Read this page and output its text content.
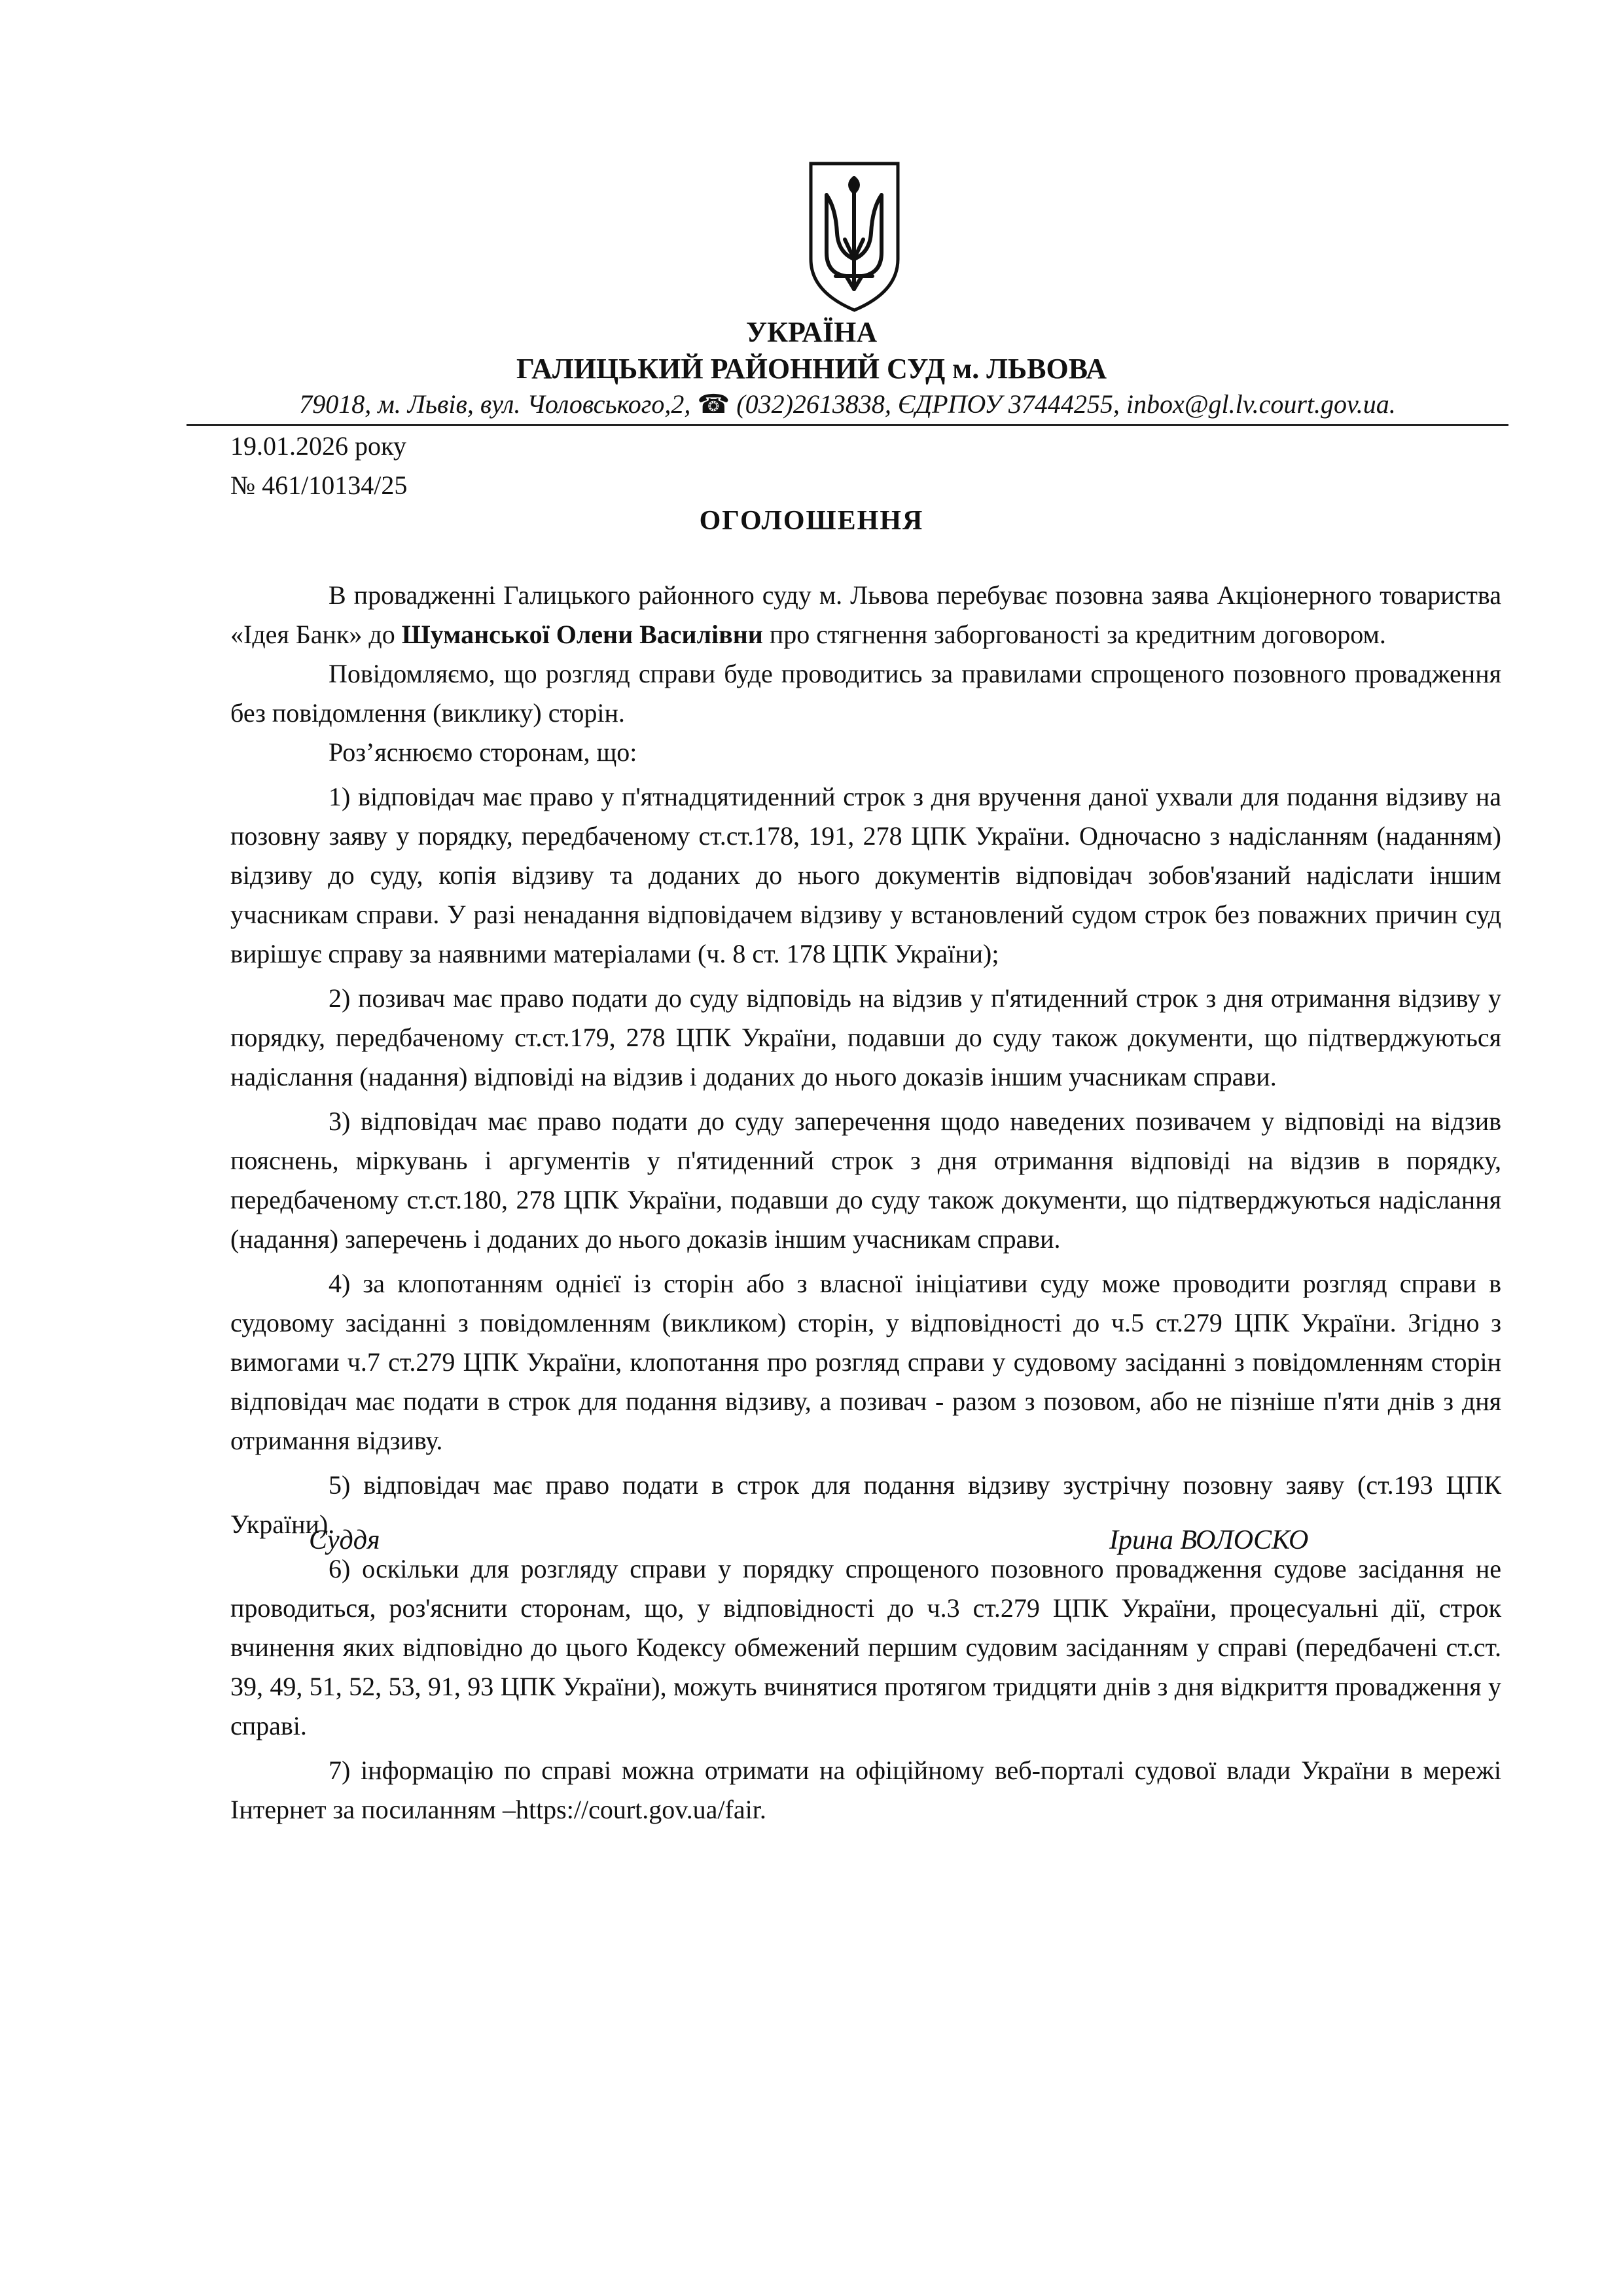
УКРАЇНА
ГАЛИЦЬКИЙ РАЙОННИЙ СУД м. ЛЬВОВА
79018, м. Львів, вул. Чоловського,2, ☎ (032)2613838, ЄДРПОУ 37444255, inbox@gl.lv.court.gov.ua.
19.01.2026 року
№ 461/10134/25
ОГОЛОШЕННЯ

В провадженні Галицького районного суду м. Львова перебуває позовна заява Акціонерного товариства «Ідея Банк» до Шуманської Олени Василівни про стягнення заборгованості за кредитним договором.

Повідомляємо, що розгляд справи буде проводитись за правилами спрощеного позовного провадження без повідомлення (виклику) сторін.

Роз’яснюємо сторонам, що:

1) відповідач має право у п'ятнадцятиденний строк з дня вручення даної ухвали для подання відзиву на позовну заяву у порядку, передбаченому ст.ст.178, 191, 278 ЦПК України. Одночасно з надісланням (наданням) відзиву до суду, копія відзиву та доданих до нього документів відповідач зобов'язаний надіслати іншим учасникам справи. У разі ненадання відповідачем відзиву у встановлений судом строк без поважних причин суд вирішує справу за наявними матеріалами (ч. 8 ст. 178 ЦПК України);

2) позивач має право подати до суду відповідь на відзив у п'ятиденний строк з дня отримання відзиву у порядку, передбаченому ст.ст.179, 278 ЦПК України, подавши до суду також документи, що підтверджуються надіслання (надання) відповіді на відзив і доданих до нього доказів іншим учасникам справи.

3) відповідач має право подати до суду заперечення щодо наведених позивачем у відповіді на відзив пояснень, міркувань і аргументів у п'ятиденний строк з дня отримання відповіді на відзив в порядку, передбаченому ст.ст.180, 278 ЦПК України, подавши до суду також документи, що підтверджуються надіслання (надання) заперечень і доданих до нього доказів іншим учасникам справи.

4) за клопотанням однієї із сторін або з власної ініціативи суду може проводити розгляд справи в судовому засіданні з повідомленням (викликом) сторін, у відповідності до ч.5 ст.279 ЦПК України. Згідно з вимогами ч.7 ст.279 ЦПК України, клопотання про розгляд справи у судовому засіданні з повідомленням сторін відповідач має подати в строк для подання відзиву, а позивач - разом з позовом, або не пізніше п'яти днів з дня отримання відзиву.

5) відповідач має право подати в строк для подання відзиву зустрічну позовну заяву (ст.193 ЦПК України).

6) оскільки для розгляду справи у порядку спрощеного позовного провадження судове засідання не проводиться, роз'яснити сторонам, що, у відповідності до ч.3 ст.279 ЦПК України, процесуальні дії, строк вчинення яких відповідно до цього Кодексу обмежений першим судовим засіданням у справі (передбачені ст.ст. 39, 49, 51, 52, 53, 91, 93 ЦПК України), можуть вчинятися протягом тридцяти днів з дня відкриття провадження у справі.

7) інформацію по справі можна отримати на офіційному веб-порталі судової влади України в мережі Інтернет за посиланням –https://court.gov.ua/fair.

Суддя	Ірина ВОЛОСКО
